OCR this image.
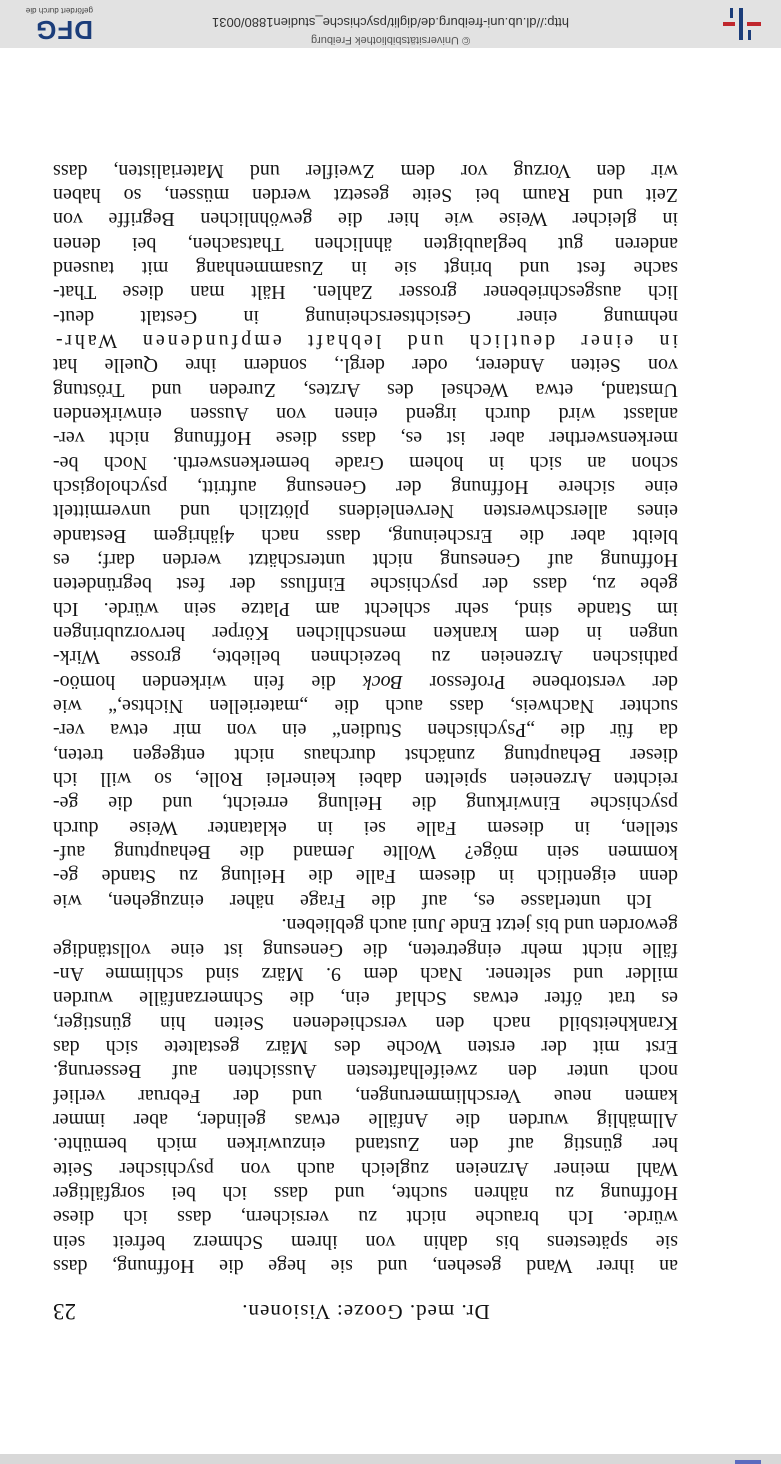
Dr. med. Gooze: Visionen.
23
an ihrer Wand gesehen, und sie hege die Hoffnung, dass
sie spätestens bis dahin von ihrem Schmerz befreit sein
würde. Ich brauche nicht zu versichern, dass ich diese
Hoffnung zu nähren suchte, und dass ich bei sorgfältiger
Wahl meiner Arzneien zugleich auch von psychischer Seite
her günstig auf den Zustand einzuwirken mich bemühte.
Allmählig wurden die Anfälle etwas gelinder, aber immer
kamen neue Verschlimmerungen, und der Februar verlief
noch unter den zweifelhaftesten Aussichten auf Besserung.
Erst mit der ersten Woche des März gestaltete sich das
Krankheitsbild nach den verschiedenen Seiten hin günstiger,
es trat öfter etwas Schlaf ein, die Schmerzanfälle wurden
milder und seltener. Nach dem 9. März sind schlimme An-
fälle nicht mehr eingetreten, die Genesung ist eine vollständige
geworden und bis jetzt Ende Juni auch geblieben.
Ich unterlasse es, auf die Frage näher einzugehen, wie
denn eigentlich in diesem Falle die Heilung zu Stande ge-
kommen sein möge? Wollte Jemand die Behauptung auf-
stellen, in diesem Falle sei in eklatanter Weise durch
psychische Einwirkung die Heilung erreicht, und die ge-
reichten Arzeneien spielten dabei keinerlei Rolle, so will ich
dieser Behauptung zunächst durchaus nicht entgegen treten,
da für die „Psychischen Studien“ ein von mir etwa ver-
suchter Nachweis, dass auch die „materiellen Nichtse,“ wie
der verstorbene Professor Bock die fein wirkenden homöo-
pathischen Arzeneien zu bezeichnen beliebte, grosse Wirk-
ungen in dem kranken menschlichen Körper hervorzubringen
im Stande sind, sehr schlecht am Platze sein würde. Ich
gebe zu, dass der psychische Einfluss der fest begründeten
Hoffnung auf Genesung nicht unterschätzt werden darf; es
bleibt aber die Erscheinung, dass nach 4jährigem Bestande
eines allerschwersten Nervenleidens plötzlich und unvermittelt
eine sichere Hoffnung der Genesung auftritt, psychologisch
schon an sich in hohem Grade bemerkenswerth. Noch be-
merkenswerther aber ist es, dass diese Hoffnung nicht ver-
anlasst wird durch irgend einen von Aussen einwirkenden
Umstand, etwa Wechsel des Arztes, Zureden und Tröstung
von Seiten Anderer, oder dergl., sondern ihre Quelle hat
in einer deutlich und lebhaft empfundenen Wahr-
nehmung einer Gesichtserscheinung in Gestalt deut-
lich ausgeschriebener grosser Zahlen. Hält man diese That-
sache fest und bringt sie in Zusammenhang mit tausend
anderen gut beglaubigten ähnlichen Thatsachen, bei denen
in gleicher Weise wie hier die gewöhnlichen Begriffe von
Zeit und Raum bei Seite gesetzt werden müssen, so haben
wir den Vorzug vor dem Zweifler und Materialisten, dass
© Universitätsbibliothek Freiburg
http://dl.ub.uni-freiburg.de/diglit/psychische_studien1880/0031
DFG
gefördert durch die
